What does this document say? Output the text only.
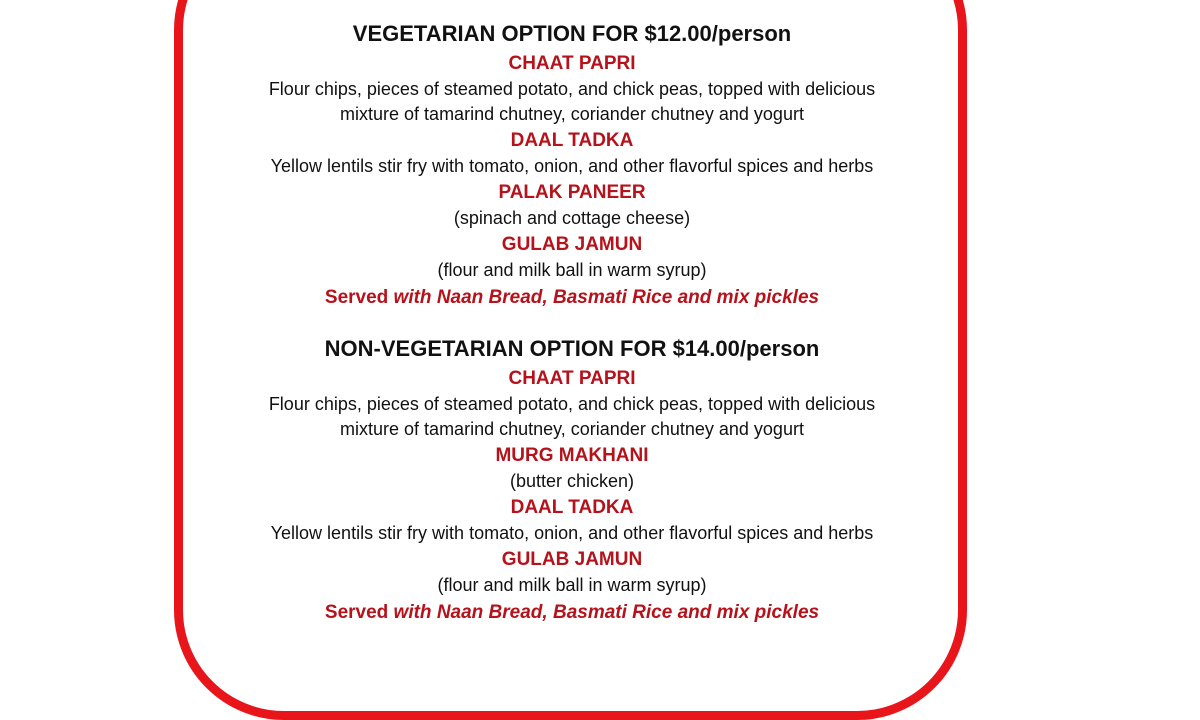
VEGETARIAN OPTION FOR $12.00/person

CHAAT PAPRI

Flour chips, pieces of steamed potato, and chick peas, topped with delicious

mixture of tamarind chutney, coriander chutney and yogurt

DAAL TADKA

Yellow lentils stir fry with tomato, onion, and other flavorful spices and herbs

PALAK PANEER

(spinach and cottage cheese)

GULAB JAMUN

(flour and milk ball in warm syrup)

Served with Naan Bread, Basmati Rice and mix pickles

NON-VEGETARIAN OPTION FOR $14.00/person

CHAAT PAPRI

Flour chips, pieces of steamed potato, and chick peas, topped with delicious

mixture of tamarind chutney, coriander chutney and yogurt

MURG MAKHANI

(butter chicken)

DAAL TADKA

Yellow lentils stir fry with tomato, onion, and other flavorful spices and herbs

GULAB JAMUN

(flour and milk ball in warm syrup)

Served with Naan Bread, Basmati Rice and mix pickles
